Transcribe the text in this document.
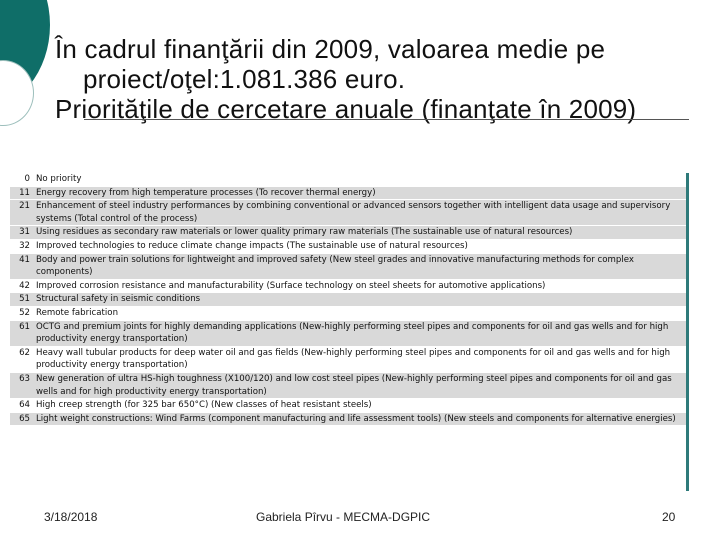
În cadrul finanţării din 2009, valoarea medie pe proiect/oţel:1.081.386 euro.

Priorităţile de cercetare anuale (finanţate în 2009)

0	No priority
11	Energy recovery from high temperature processes (To recover thermal energy)
21	Enhancement of steel industry performances by combining conventional or advanced sensors together with intelligent data usage and supervisory systems (Total control of the process)
31	Using residues as secondary raw materials or lower quality primary raw materials (The sustainable use of natural resources)
32	Improved technologies to reduce climate change impacts (The sustainable use of natural resources)
41	Body and power train solutions for lightweight and improved safety (New steel grades and innovative manufacturing methods for complex components)
42	Improved corrosion resistance and manufacturability (Surface technology on steel sheets for automotive applications)
51	Structural safety in seismic conditions
52	Remote fabrication
61	OCTG and premium joints for highly demanding applications (New-highly performing steel pipes and components for oil and gas wells and for high productivity energy transportation)
62	Heavy wall tubular products for deep water oil and gas fields (New-highly performing steel pipes and components for oil and gas wells and for high productivity energy transportation)
63	New generation of ultra HS-high toughness (X100/120) and low cost steel pipes (New-highly performing steel pipes and components for oil and gas wells and for high productivity energy transportation)
64	High creep strength (for 325 bar 650°C) (New classes of heat resistant steels)
65	Light weight constructions: Wind Farms (component manufacturing and life assessment tools) (New steels and components for alternative energies)
3/18/2018	Gabriela Pîrvu - MECMA-DGPIC	20
